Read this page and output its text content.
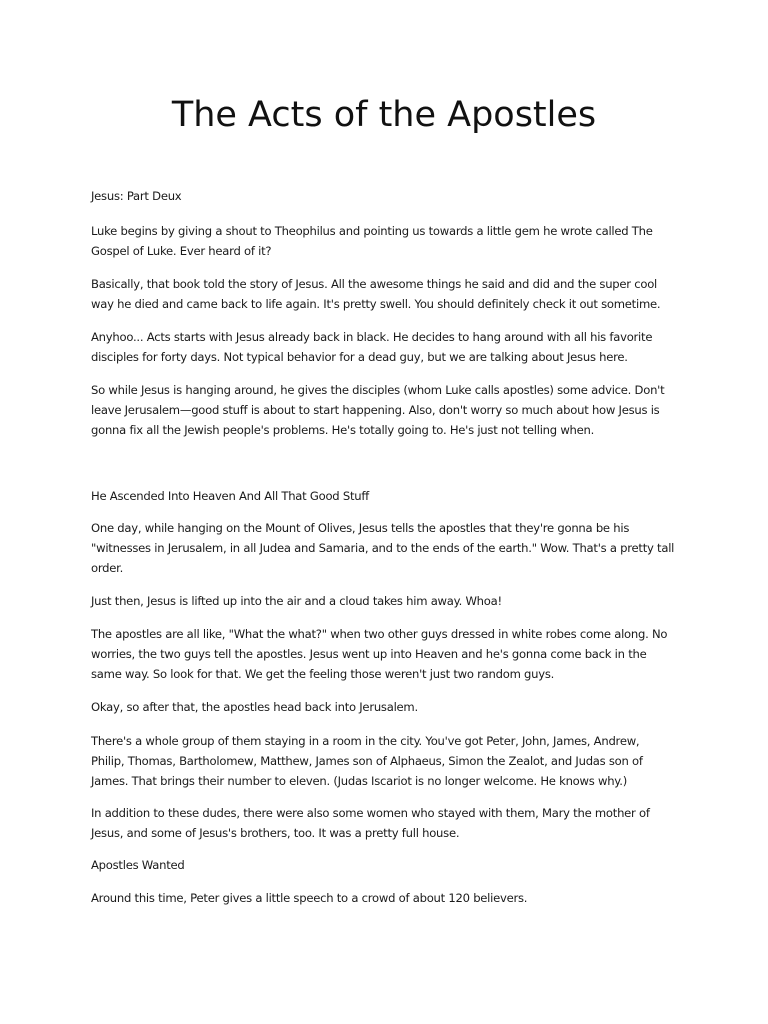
The Acts of the Apostles

Jesus: Part Deux

Luke begins by giving a shout to Theophilus and pointing us towards a little gem he wrote called The
Gospel of Luke. Ever heard of it?

Basically, that book told the story of Jesus. All the awesome things he said and did and the super cool
way he died and came back to life again. It's pretty swell. You should definitely check it out sometime.

Anyhoo... Acts starts with Jesus already back in black. He decides to hang around with all his favorite
disciples for forty days. Not typical behavior for a dead guy, but we are talking about Jesus here.

So while Jesus is hanging around, he gives the disciples (whom Luke calls apostles) some advice. Don't
leave Jerusalem—good stuff is about to start happening. Also, don't worry so much about how Jesus is
gonna fix all the Jewish people's problems. He's totally going to. He's just not telling when.

He Ascended Into Heaven And All That Good Stuff

One day, while hanging on the Mount of Olives, Jesus tells the apostles that they're gonna be his
"witnesses in Jerusalem, in all Judea and Samaria, and to the ends of the earth." Wow. That's a pretty tall
order.

Just then, Jesus is lifted up into the air and a cloud takes him away. Whoa!

The apostles are all like, "What the what?" when two other guys dressed in white robes come along. No
worries, the two guys tell the apostles. Jesus went up into Heaven and he's gonna come back in the
same way. So look for that. We get the feeling those weren't just two random guys.

Okay, so after that, the apostles head back into Jerusalem.

There's a whole group of them staying in a room in the city. You've got Peter, John, James, Andrew,
Philip, Thomas, Bartholomew, Matthew, James son of Alphaeus, Simon the Zealot, and Judas son of
James. That brings their number to eleven. (Judas Iscariot is no longer welcome. He knows why.)

In addition to these dudes, there were also some women who stayed with them, Mary the mother of
Jesus, and some of Jesus's brothers, too. It was a pretty full house.

Apostles Wanted

Around this time, Peter gives a little speech to a crowd of about 120 believers.
